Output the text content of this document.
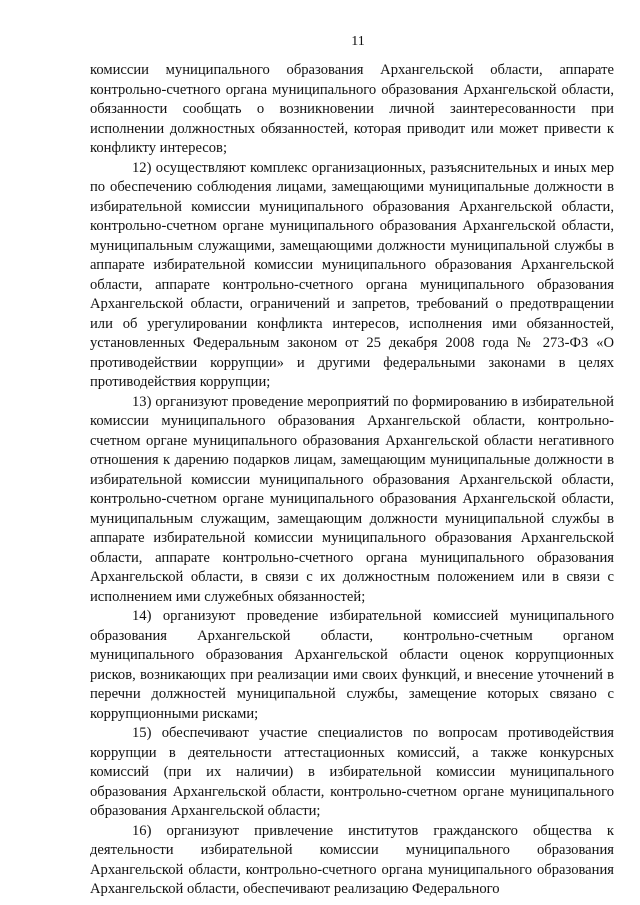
11

комиссии муниципального образования Архангельской области, аппарате контрольно-счетного органа муниципального образования Архангельской области, обязанности сообщать о возникновении личной заинтересованности при исполнении должностных обязанностей, которая приводит или может привести к конфликту интересов;

12) осуществляют комплекс организационных, разъяснительных и иных мер по обеспечению соблюдения лицами, замещающими муниципальные должности в избирательной комиссии муниципального образования Архангельской области, контрольно-счетном органе муниципального образования Архангельской области, муниципальным служащими, замещающими должности муниципальной службы в аппарате избирательной комиссии муниципального образования Архангельской области, аппарате контрольно-счетного органа муниципального образования Архангельской области, ограничений и запретов, требований о предотвращении или об урегулировании конфликта интересов, исполнения ими обязанностей, установленных Федеральным законом от 25 декабря 2008 года № 273-ФЗ «О противодействии коррупции» и другими федеральными законами в целях противодействия коррупции;

13) организуют проведение мероприятий по формированию в избирательной комиссии муниципального образования Архангельской области, контрольно-счетном органе муниципального образования Архангельской области негативного отношения к дарению подарков лицам, замещающим муниципальные должности в избирательной комиссии муниципального образования Архангельской области, контрольно-счетном органе муниципального образования Архангельской области, муниципальным служащим, замещающим должности муниципальной службы в аппарате избирательной комиссии муниципального образования Архангельской области, аппарате контрольно-счетного органа муниципального образования Архангельской области, в связи с их должностным положением или в связи с исполнением ими служебных обязанностей;

14) организуют проведение избирательной комиссией муниципального образования Архангельской области, контрольно-счетным органом муниципального образования Архангельской области оценок коррупционных рисков, возникающих при реализации ими своих функций, и внесение уточнений в перечни должностей муниципальной службы, замещение которых связано с коррупционными рисками;

15) обеспечивают участие специалистов по вопросам противодействия коррупции в деятельности аттестационных комиссий, а также конкурсных комиссий (при их наличии) в избирательной комиссии муниципального образования Архангельской области, контрольно-счетном органе муниципального образования Архангельской области;

16) организуют привлечение институтов гражданского общества к деятельности избирательной комиссии муниципального образования Архангельской области, контрольно-счетного органа муниципального образования Архангельской области, обеспечивают реализацию Федерального
